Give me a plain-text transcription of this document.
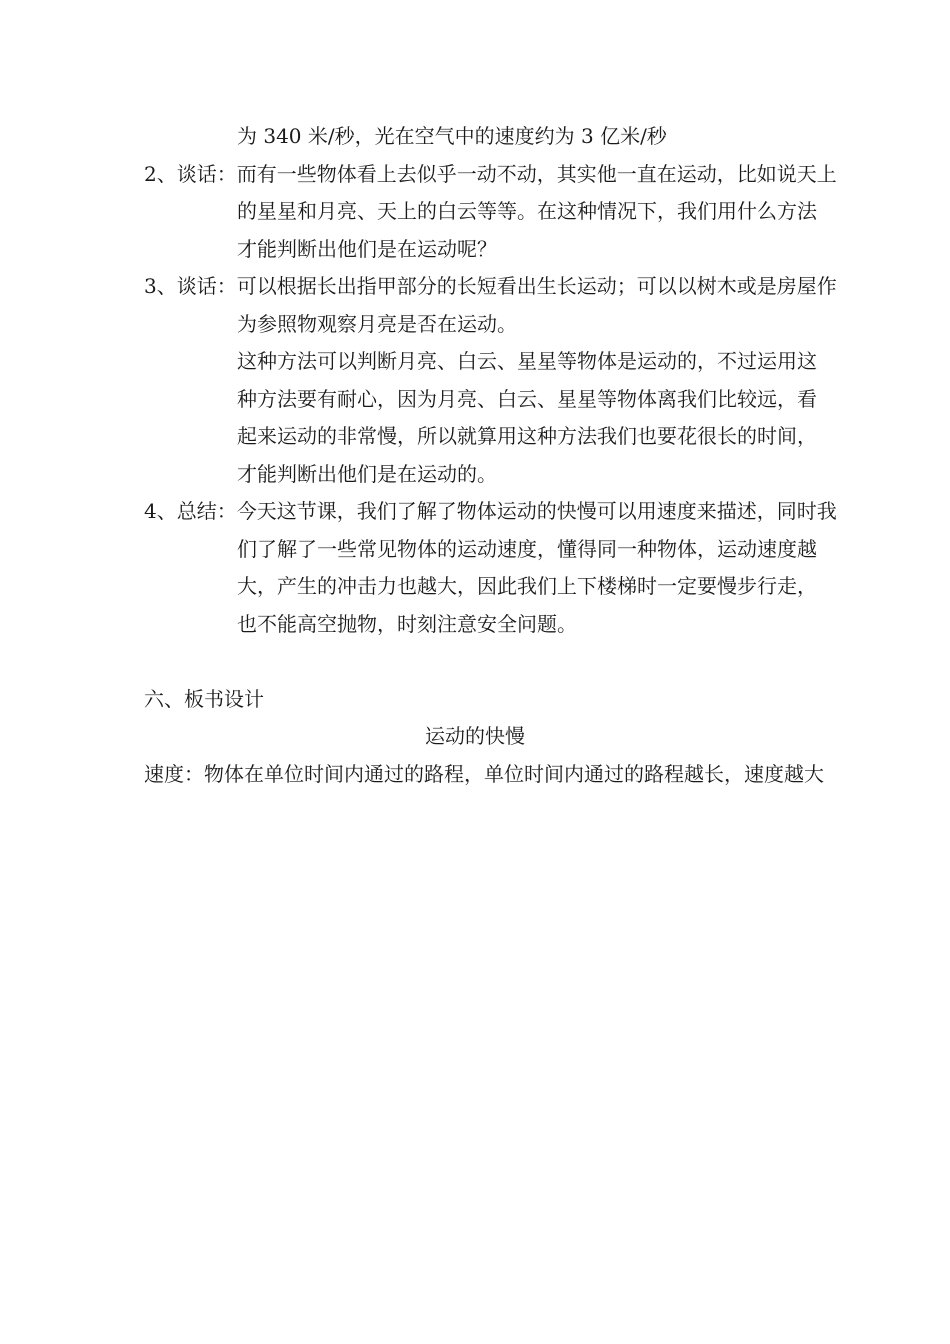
为 340 米/秒，光在空气中的速度约为 3 亿米/秒
2、谈话：而有一些物体看上去似乎一动不动，其实他一直在运动，比如说天上
的星星和月亮、天上的白云等等。在这种情况下，我们用什么方法
才能判断出他们是在运动呢？
3、谈话：可以根据长出指甲部分的长短看出生长运动；可以以树木或是房屋作
为参照物观察月亮是否在运动。
这种方法可以判断月亮、白云、星星等物体是运动的，不过运用这
种方法要有耐心，因为月亮、白云、星星等物体离我们比较远，看
起来运动的非常慢，所以就算用这种方法我们也要花很长的时间，
才能判断出他们是在运动的。
4、总结：今天这节课，我们了解了物体运动的快慢可以用速度来描述，同时我
们了解了一些常见物体的运动速度，懂得同一种物体，运动速度越
大，产生的冲击力也越大，因此我们上下楼梯时一定要慢步行走，
也不能高空抛物，时刻注意安全问题。
六、板书设计
运动的快慢
速度：物体在单位时间内通过的路程，单位时间内通过的路程越长，速度越大
